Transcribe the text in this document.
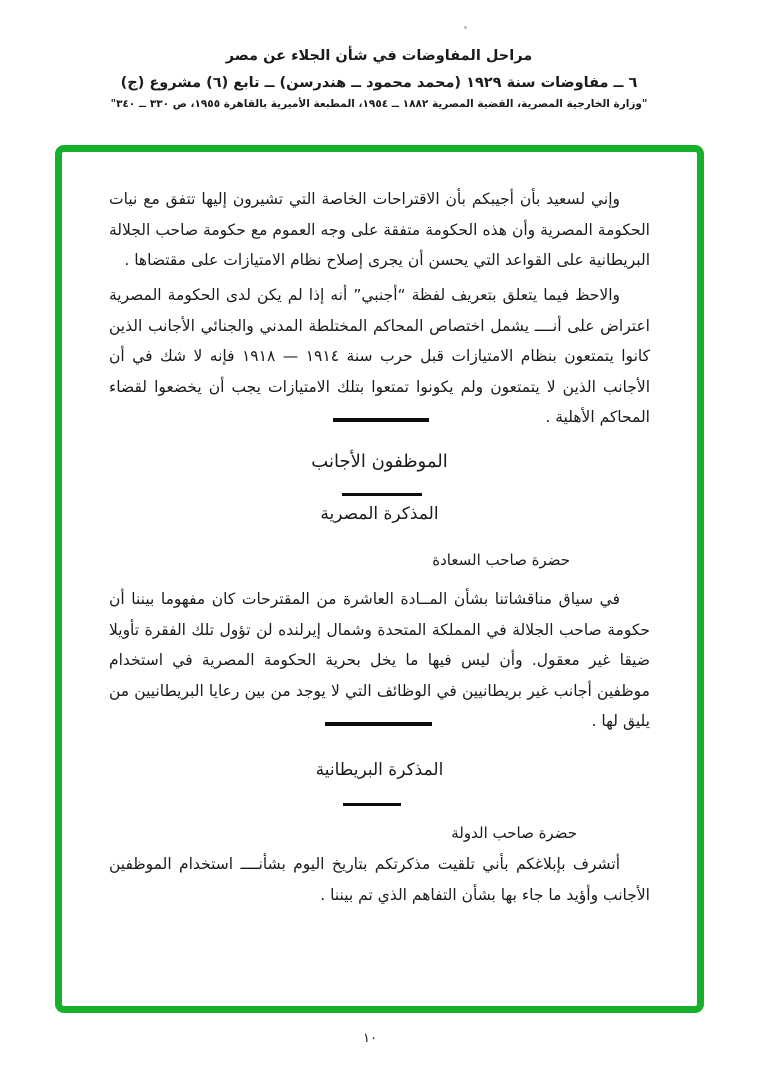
مراحل المفاوضات في شأن الجلاء عن مصر
٦ ــ مفاوضات سنة ١٩٢٩ (محمد محمود ــ هندرسن) ــ تابع (٦) مشروع (ج)
"وزارة الخارجية المصرية، القضية المصرية ١٨٨٢ ــ ١٩٥٤، المطبعة الأميرية بالقاهرة ١٩٥٥، ص ٣٣٠ ــ ٣٤٠"
وإني لسعيد بأن أجيبكم بأن الاقتراحات الخاصة التي تشيرون إليها تتفق مع نيات الحكومة المصرية وأن هذه الحكومة متفقة على وجه العموم مع حكومة صاحب الجلالة البريطانية على القواعد التي يحسن أن يجرى إصلاح نظام الامتيازات على مقتضاها .
والاحظ فيما يتعلق بتعريف لفظة “أجنبي” أنه إذا لم يكن لدى الحكومة المصرية اعتراض على أنــــ يشمل اختصاص المحاكم المختلطة المدني والجنائي الأجانب الذين كانوا يتمتعون بنظام الامتيازات قبل حرب سنة ١٩١٤ — ١٩١٨ فإنه لا شك في أن الأجانب الذين لا يتمتعون ولم يكونوا تمتعوا بتلك الامتيازات يجب أن يخضعوا لقضاء المحاكم الأهلية .
الموظفون الأجانب
المذكرة المصرية
حضرة صاحب السعادة
في سياق مناقشاتنا بشأن المــادة العاشرة من المقترحات كان مفهوما بيننا أن حكومة صاحب الجلالة في المملكة المتحدة وشمال إيرلنده لن تؤول تلك الفقرة تأويلا ضيقا غير معقول. وأن ليس فيها ما يخل بحرية الحكومة المصرية في استخدام موظفين أجانب غير بريطانيين في الوظائف التي لا يوجد من بين رعايا البريطانيين من يليق لها .
المذكرة البريطانية
حضرة صاحب الدولة
أتشرف بإبلاغكم بأني تلقيت مذكرتكم بتاريخ اليوم بشأنــــ استخدام الموظفين الأجانب وأؤيد ما جاء بها بشأن التفاهم الذي تم بيننا .
١٠
